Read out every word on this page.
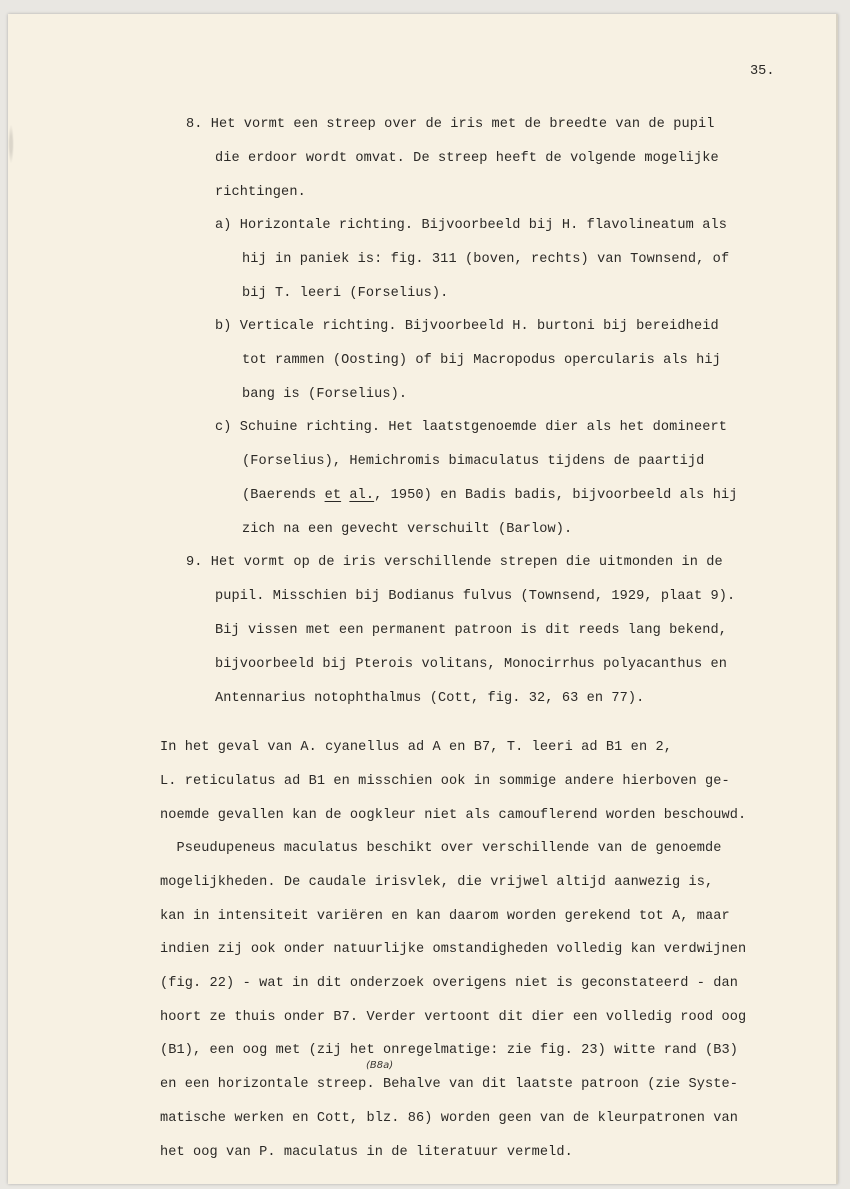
35.
8. Het vormt een streep over de iris met de breedte van de pupil
die erdoor wordt omvat. De streep heeft de volgende mogelijke
richtingen.
a) Horizontale richting. Bijvoorbeeld bij H. flavolineatum als
hij in paniek is: fig. 311 (boven, rechts) van Townsend, of
bij T. leeri (Forselius).
b) Verticale richting. Bijvoorbeeld H. burtoni bij bereidheid
tot rammen (Oosting) of bij Macropodus opercularis als hij
bang is (Forselius).
c) Schuine richting. Het laatstgenoemde dier als het domineert
(Forselius), Hemichromis bimaculatus tijdens de paartijd
(Baerends et al., 1950) en Badis badis, bijvoorbeeld als hij
zich na een gevecht verschuilt (Barlow).
9. Het vormt op de iris verschillende strepen die uitmonden in de
pupil. Misschien bij Bodianus fulvus (Townsend, 1929, plaat 9).
Bij vissen met een permanent patroon is dit reeds lang bekend,
bijvoorbeeld bij Pterois volitans, Monocirrhus polyacanthus en
Antennarius notophthalmus (Cott, fig. 32, 63 en 77).
In het geval van A. cyanellus ad A en B7, T. leeri ad B1 en 2,
L. reticulatus ad B1 en misschien ook in sommige andere hierboven ge-
noemde gevallen kan de oogkleur niet als camouflerend worden beschouwd.
Pseudupeneus maculatus beschikt over verschillende van de genoemde
mogelijkheden. De caudale irisvlek, die vrijwel altijd aanwezig is,
kan in intensiteit variëren en kan daarom worden gerekend tot A, maar
indien zij ook onder natuurlijke omstandigheden volledig kan verdwijnen
(fig. 22) - wat in dit onderzoek overigens niet is geconstateerd - dan
hoort ze thuis onder B7. Verder vertoont dit dier een volledig rood oog
(B1), een oog met (zij het onregelmatige: zie fig. 23) witte rand (B3)
(B8a)
en een horizontale streep. Behalve van dit laatste patroon (zie Syste-
matische werken en Cott, blz. 86) worden geen van de kleurpatronen van
het oog van P. maculatus in de literatuur vermeld.
